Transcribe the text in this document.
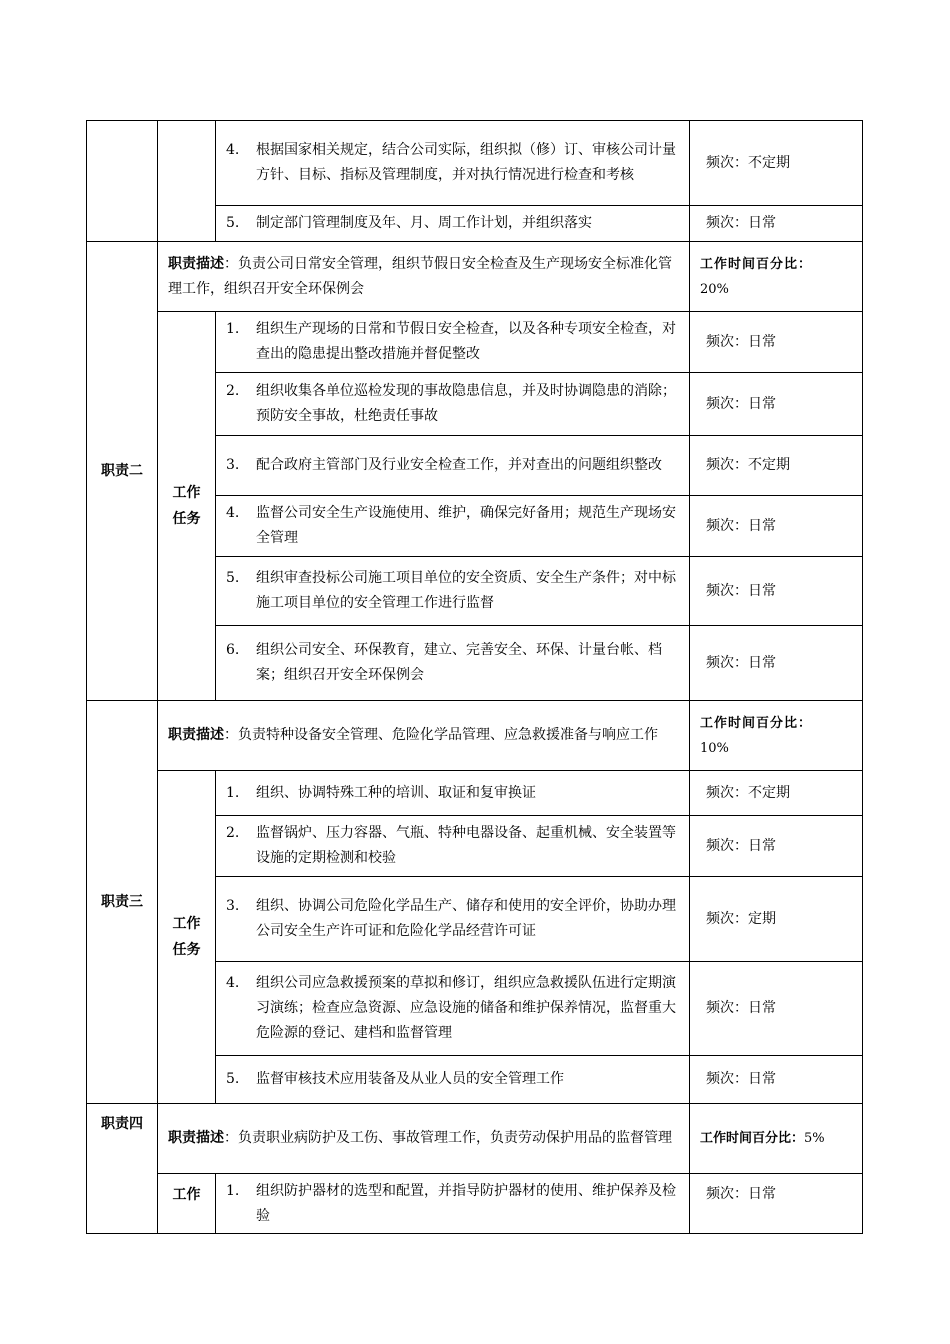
		4. 根据国家相关规定，结合公司实际，组织拟（修）订、审核公司计量方针、目标、指标及管理制度，并对执行情况进行检查和考核	频次：不定期

		5. 制定部门管理制度及年、月、周工作计划，并组织落实	频次：日常
职责二	职责描述：负责公司日常安全管理，组织节假日安全检查及生产现场安全标准化管理工作，组织召开安全环保例会		工作时间百分比：
20%

	工作任务	1. 组织生产现场的日常和节假日安全检查，以及各种专项安全检查，对查出的隐患提出整改措施并督促整改	频次：日常

		2. 组织收集各单位巡检发现的事故隐患信息，并及时协调隐患的消除；预防安全事故，杜绝责任事故	频次：日常

		3. 配合政府主管部门及行业安全检查工作，并对查出的问题组织整改	频次：不定期

		4. 监督公司安全生产设施使用、维护，确保完好备用；规范生产现场安全管理	频次：日常

		5. 组织审查投标公司施工项目单位的安全资质、安全生产条件；对中标施工项目单位的安全管理工作进行监督	频次：日常

		6. 组织公司安全、环保教育，建立、完善安全、环保、计量台帐、档案；组织召开安全环保例会	频次：日常
职责三	职责描述：负责特种设备安全管理、危险化学品管理、应急救援准备与响应工作		工作时间百分比：
10%

	工作任务	1. 组织、协调特殊工种的培训、取证和复审换证	频次：不定期

		2. 监督锅炉、压力容器、气瓶、特种电器设备、起重机械、安全装置等设施的定期检测和校验	频次：日常

		3. 组织、协调公司危险化学品生产、储存和使用的安全评价，协助办理公司安全生产许可证和危险化学品经营许可证	频次：定期

		4. 组织公司应急救援预案的草拟和修订，组织应急救援队伍进行定期演习演练；检查应急资源、应急设施的储备和维护保养情况，监督重大危险源的登记、建档和监督管理	频次：日常

		5. 监督审核技术应用装备及从业人员的安全管理工作	频次：日常
职责四	职责描述：负责职业病防护及工伤、事故管理工作，负责劳动保护用品的监督管理		工作时间百分比：5%
	工作	1. 组织防护器材的选型和配置，并指导防护器材的使用、维护保养及检验	频次：日常
